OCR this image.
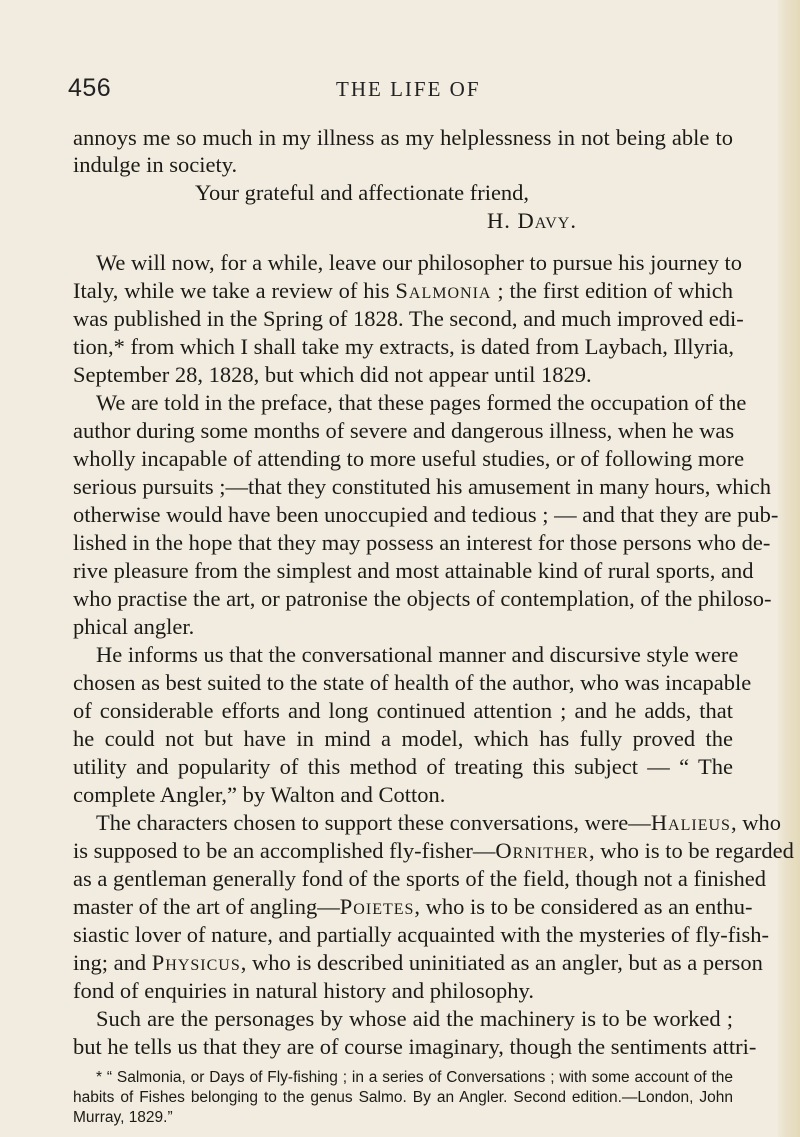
456	THE LIFE OF
annoys me so much in my illness as my helplessness in not being able to
indulge in society.
Your grateful and affectionate friend,
H. Davy.
We will now, for a while, leave our philosopher to pursue his journey to
Italy, while we take a review of his Salmonia ; the first edition of which
was published in the Spring of 1828. The second, and much improved edi-
tion,* from which I shall take my extracts, is dated from Laybach, Illyria,
September 28, 1828, but which did not appear until 1829.
We are told in the preface, that these pages formed the occupation of the
author during some months of severe and dangerous illness, when he was
wholly incapable of attending to more useful studies, or of following more
serious pursuits ;—that they constituted his amusement in many hours, which
otherwise would have been unoccupied and tedious ; — and that they are pub-
lished in the hope that they may possess an interest for those persons who de-
rive pleasure from the simplest and most attainable kind of rural sports, and
who practise the art, or patronise the objects of contemplation, of the philoso-
phical angler.
He informs us that the conversational manner and discursive style were
chosen as best suited to the state of health of the author, who was incapable
of considerable efforts and long continued attention ; and he adds, that
he could not but have in mind a model, which has fully proved the
utility and popularity of this method of treating this subject — “ The
complete Angler,” by Walton and Cotton.
The characters chosen to support these conversations, were—Halieus, who
is supposed to be an accomplished fly-fisher—Ornither, who is to be regarded
as a gentleman generally fond of the sports of the field, though not a finished
master of the art of angling—Poietes, who is to be considered as an enthu-
siastic lover of nature, and partially acquainted with the mysteries of fly-fish-
ing; and Physicus, who is described uninitiated as an angler, but as a person
fond of enquiries in natural history and philosophy.
Such are the personages by whose aid the machinery is to be worked ;
but he tells us that they are of course imaginary, though the sentiments attri-
* “ Salmonia, or Days of Fly-fishing ; in a series of Conversations ; with some account of the
habits of Fishes belonging to the genus Salmo. By an Angler. Second edition.—London, John
Murray, 1829.”
